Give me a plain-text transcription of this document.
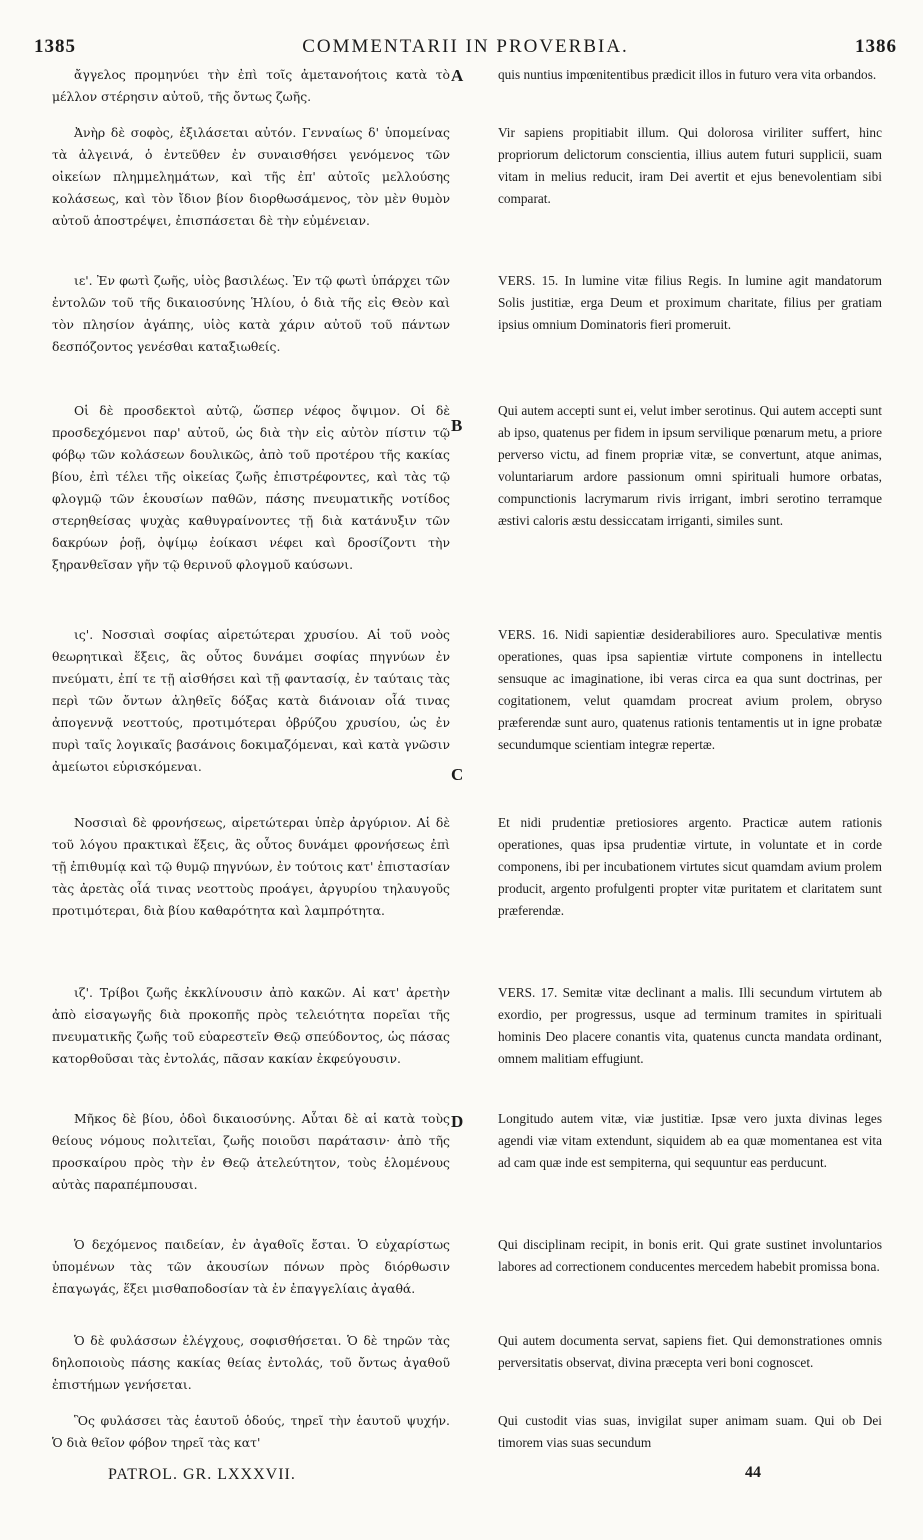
1385	COMMENTARII IN PROVERBIA.	1386

ἄγγελος προμηνύει τὴν ἐπὶ τοῖς ἀμετανοήτοις κατὰ τὸ μέλλον στέρησιν αὐτοῦ, τῆς ὄντως ζωῆς.

Ἀνὴρ δὲ σοφὸς, ἐξιλάσεται αὐτόν. Γενναίως δ' ὑπομείνας τὰ ἀλγεινά, ὁ ἐντεῦθεν ἐν συναισθήσει γενόμενος τῶν οἰκείων πλημμελημάτων, καὶ τῆς ἐπ' αὐτοῖς μελλούσης κολάσεως, καὶ τὸν ἴδιον βίον διορθωσάμενος, τὸν μὲν θυμὸν αὐτοῦ ἀποστρέψει, ἐπισπάσεται δὲ τὴν εὐμένειαν.

ιε'. Ἐν φωτὶ ζωῆς, υἱὸς βασιλέως. Ἐν τῷ φωτὶ ὑπάρχει τῶν ἐντολῶν τοῦ τῆς δικαιοσύνης Ἡλίου, ὁ διὰ τῆς εἰς Θεὸν καὶ τὸν πλησίον ἀγάπης, υἱὸς κατὰ χάριν αὐτοῦ τοῦ πάντων δεσπόζοντος γενέσθαι καταξιωθείς.

Οἱ δὲ προσδεκτοὶ αὐτῷ, ὥσπερ νέφος ὄψιμον. Οἱ δὲ προσδεχόμενοι παρ' αὐτοῦ, ὡς διὰ τὴν εἰς αὐτὸν πίστιν τῷ φόβῳ τῶν κολάσεων δουλικῶς, ἀπὸ τοῦ προτέρου τῆς κακίας βίου, ἐπὶ τέλει τῆς οἰκείας ζωῆς ἐπιστρέφοντες, καὶ τὰς τῷ φλογμῷ τῶν ἑκουσίων παθῶν, πάσης πνευματικῆς νοτίδος στερηθείσας ψυχὰς καθυγραίνοντες τῇ διὰ κατάνυξιν τῶν δακρύων ῥοῇ, ὀψίμῳ ἐοίκασι νέφει καὶ δροσίζοντι τὴν ξηρανθεῖσαν γῆν τῷ θερινοῦ φλογμοῦ καύσωνι.

ις'. Νοσσιαὶ σοφίας αἱρετώτεραι χρυσίου. Αἱ τοῦ νοὸς θεωρητικαὶ ἕξεις, ἃς οὗτος δυνάμει σοφίας πηγνύων ἐν πνεύματι, ἐπί τε τῇ αἰσθήσει καὶ τῇ φαντασίᾳ, ἐν ταύταις τὰς περὶ τῶν ὄντων ἀληθεῖς δόξας κατὰ διάνοιαν οἷά τινας ἀπογεννᾷ νεοττούς, προτιμότεραι ὀβρύζου χρυσίου, ὡς ἐν πυρὶ ταῖς λογικαῖς βασάνοις δοκιμαζόμεναι, καὶ κατὰ γνῶσιν ἀμείωτοι εὑρισκόμεναι.

Νοσσιαὶ δὲ φρονήσεως, αἱρετώτεραι ὑπὲρ ἀργύριον. Αἱ δὲ τοῦ λόγου πρακτικαὶ ἕξεις, ἃς οὗτος δυνάμει φρονήσεως ἐπὶ τῇ ἐπιθυμίᾳ καὶ τῷ θυμῷ πηγνύων, ἐν τούτοις κατ' ἐπιστασίαν τὰς ἀρετὰς οἷά τινας νεοττοὺς προάγει, ἀργυρίου τηλαυγοῦς προτιμότεραι, διὰ βίου καθαρότητα καὶ λαμπρότητα.

ιζ'. Τρίβοι ζωῆς ἐκκλίνουσιν ἀπὸ κακῶν. Αἱ κατ' ἀρετὴν ἀπὸ εἰσαγωγῆς διὰ προκοπῆς πρὸς τελειότητα πορεῖαι τῆς πνευματικῆς ζωῆς τοῦ εὐαρεστεῖν Θεῷ σπεύδοντος, ὡς πάσας κατορθοῦσαι τὰς ἐντολάς, πᾶσαν κακίαν ἐκφεύγουσιν.

Μῆκος δὲ βίου, ὁδοὶ δικαιοσύνης. Αὗται δὲ αἱ κατὰ τοὺς θείους νόμους πολιτεῖαι, ζωῆς ποιοῦσι παράτασιν· ἀπὸ τῆς προσκαίρου πρὸς τὴν ἐν Θεῷ ἀτελεύτητον, τοὺς ἑλομένους αὐτὰς παραπέμπουσαι.

Ὁ δεχόμενος παιδείαν, ἐν ἀγαθοῖς ἔσται. Ὁ εὐχαρίστως ὑπομένων τὰς τῶν ἀκουσίων πόνων πρὸς διόρθωσιν ἐπαγωγάς, ἕξει μισθαποδοσίαν τὰ ἐν ἐπαγγελίαις ἀγαθά.

Ὁ δὲ φυλάσσων ἐλέγχους, σοφισθήσεται. Ὁ δὲ τηρῶν τὰς δηλοποιοὺς πάσης κακίας θείας ἐντολάς, τοῦ ὄντως ἀγαθοῦ ἐπιστήμων γενήσεται.

Ὃς φυλάσσει τὰς ἑαυτοῦ ὁδούς, τηρεῖ τὴν ἑαυτοῦ ψυχήν. Ὁ διὰ θεῖον φόβον τηρεῖ τὰς κατ'

A
B
C
D

quis nuntius impœnitentibus prædicit illos in futuro vera vita orbandos.

Vir sapiens propitiabit illum. Qui dolorosa viriliter suffert, hinc propriorum delictorum conscientia, illius autem futuri supplicii, suam vitam in melius reducit, iram Dei avertit et ejus benevolentiam sibi comparat.

VERS. 15. In lumine vitæ filius Regis. In lumine agit mandatorum Solis justitiæ, erga Deum et proximum charitate, filius per gratiam ipsius omnium Dominatoris fieri promeruit.

Qui autem accepti sunt ei, velut imber serotinus. Qui autem accepti sunt ab ipso, quatenus per fidem in ipsum servilique pœnarum metu, a priore perverso victu, ad finem propriæ vitæ, se convertunt, atque animas, voluntariarum ardore passionum omni spirituali humore orbatas, compunctionis lacrymarum rivis irrigant, imbri serotino terramque æstivi caloris æstu dessiccatam irriganti, similes sunt.

VERS. 16. Nidi sapientiæ desiderabiliores auro. Speculativæ mentis operationes, quas ipsa sapientiæ virtute componens in intellectu sensuque ac imaginatione, ibi veras circa ea qua sunt doctrinas, per cogitationem, velut quamdam procreat avium prolem, obryso præferendæ sunt auro, quatenus rationis tentamentis ut in igne probatæ secundumque scientiam integræ repertæ.

Et nidi prudentiæ pretiosiores argento. Practicæ autem rationis operationes, quas ipsa prudentiæ virtute, in voluntate et in corde componens, ibi per incubationem virtutes sicut quamdam avium prolem producit, argento profulgenti propter vitæ puritatem et claritatem sunt præferendæ.

VERS. 17. Semitæ vitæ declinant a malis. Illi secundum virtutem ab exordio, per progressus, usque ad terminum tramites in spirituali hominis Deo placere conantis vita, quatenus cuncta mandata ordinant, omnem malitiam effugiunt.

Longitudo autem vitæ, viæ justitiæ. Ipsæ vero juxta divinas leges agendi viæ vitam extendunt, siquidem ab ea quæ momentanea est vita ad cam quæ inde est sempiterna, qui sequuntur eas perducunt.

Qui disciplinam recipit, in bonis erit. Qui grate sustinet involuntarios labores ad correctionem conducentes mercedem habebit promissa bona.

Qui autem documenta servat, sapiens fiet. Qui demonstrationes omnis perversitatis observat, divina præcepta veri boni cognoscet.

Qui custodit vias suas, invigilat super animam suam. Qui ob Dei timorem vias suas secundum

PATROL. GR. LXXXVII.	44
